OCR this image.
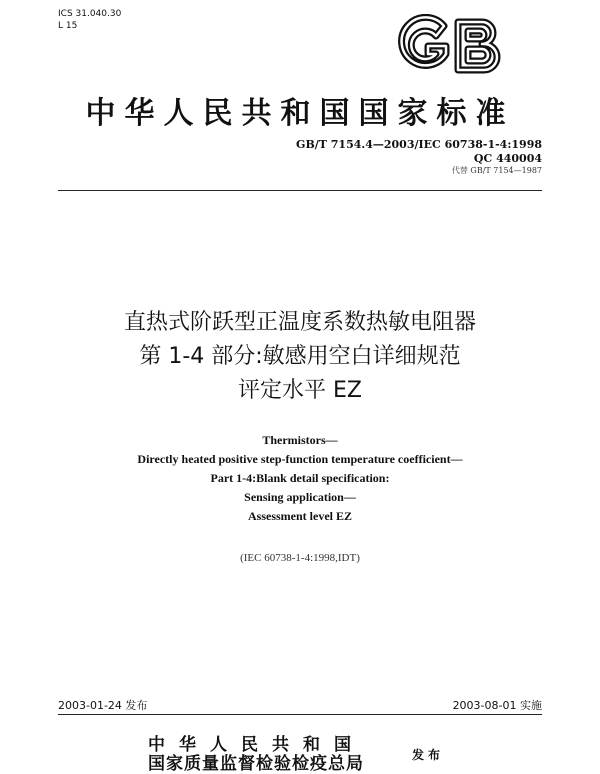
ICS 31.040.30
L 15
中华人民共和国国家标准
GB/T 7154.4—2003/IEC 60738-1-4:1998
QC 440004
代替 GB/T 7154—1987
直热式阶跃型正温度系数热敏电阻器
第 1-4 部分:敏感用空白详细规范
评定水平 EZ
Thermistors—
Directly heated positive step-function temperature coefficient—
Part 1-4:Blank detail specification:
Sensing application—
Assessment level EZ
(IEC 60738-1-4:1998,IDT)
2003-01-24 发布	2003-08-01 实施
中华人民共和国
国家质量监督检验检疫总局	发布
